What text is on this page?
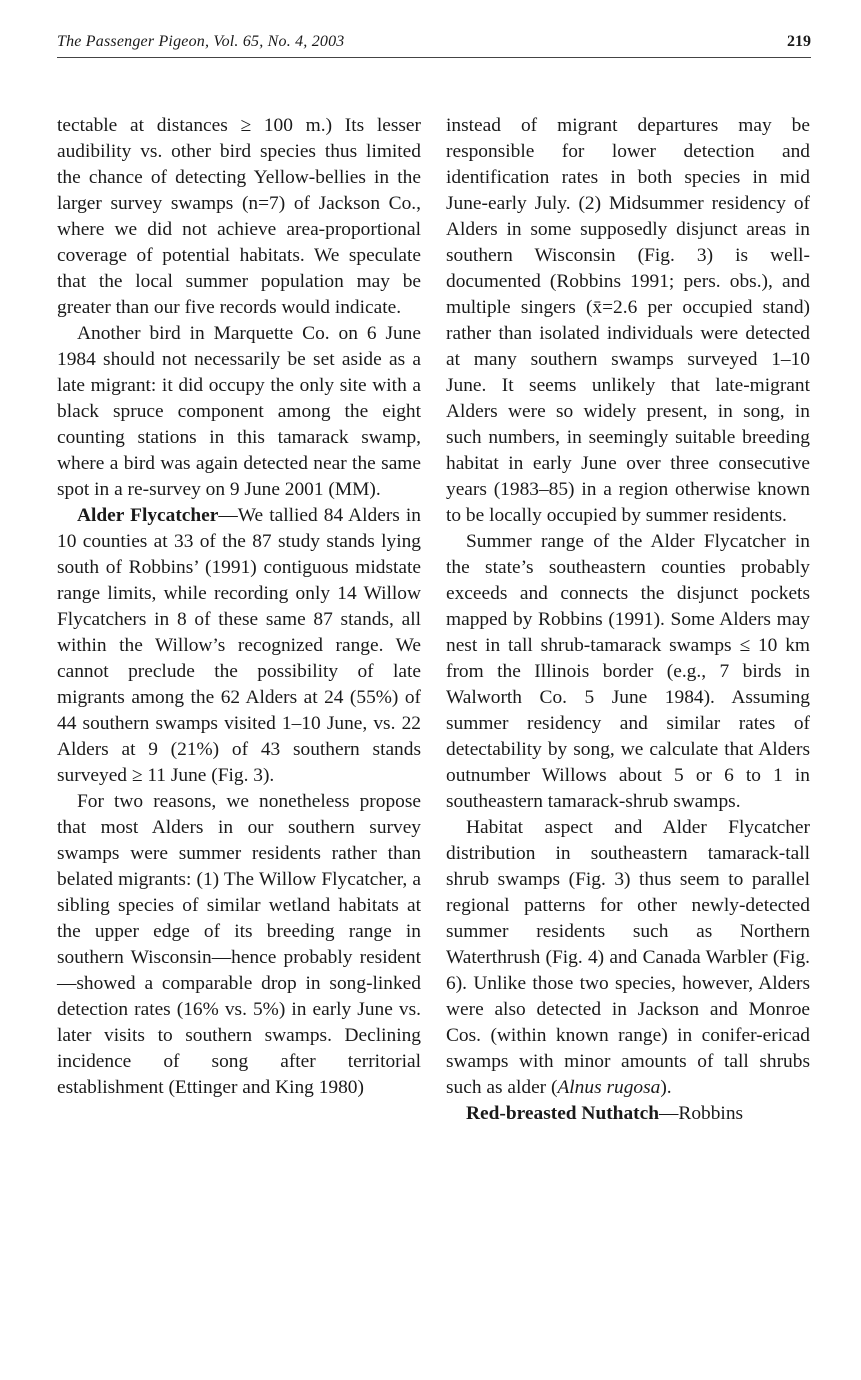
The Passenger Pigeon, Vol. 65, No. 4, 2003	219

tectable at distances ≥ 100 m.) Its lesser audibility vs. other bird species thus limited the chance of detecting Yellow-bellies in the larger survey swamps (n=7) of Jackson Co., where we did not achieve area-proportional coverage of potential habitats. We speculate that the local summer population may be greater than our five records would indicate.

Another bird in Marquette Co. on 6 June 1984 should not necessarily be set aside as a late migrant: it did occupy the only site with a black spruce component among the eight counting stations in this tamarack swamp, where a bird was again detected near the same spot in a re-survey on 9 June 2001 (MM).

Alder Flycatcher—We tallied 84 Alders in 10 counties at 33 of the 87 study stands lying south of Robbins’ (1991) contiguous midstate range limits, while recording only 14 Willow Flycatchers in 8 of these same 87 stands, all within the Willow’s recognized range. We cannot preclude the possibility of late migrants among the 62 Alders at 24 (55%) of 44 southern swamps visited 1–10 June, vs. 22 Alders at 9 (21%) of 43 southern stands surveyed ≥ 11 June (Fig. 3).

For two reasons, we nonetheless propose that most Alders in our southern survey swamps were summer residents rather than belated migrants: (1) The Willow Flycatcher, a sibling species of similar wetland habitats at the upper edge of its breeding range in southern Wisconsin—hence probably resident—showed a comparable drop in song-linked detection rates (16% vs. 5%) in early June vs. later visits to southern swamps. Declining incidence of song after territorial establishment (Ettinger and King 1980)

instead of migrant departures may be responsible for lower detection and identification rates in both species in mid June-early July. (2) Midsummer residency of Alders in some supposedly disjunct areas in southern Wisconsin (Fig. 3) is well-documented (Robbins 1991; pers. obs.), and multiple singers (x̄=2.6 per occupied stand) rather than isolated individuals were detected at many southern swamps surveyed 1–10 June. It seems unlikely that late-migrant Alders were so widely present, in song, in such numbers, in seemingly suitable breeding habitat in early June over three consecutive years (1983–85) in a region otherwise known to be locally occupied by summer residents.

Summer range of the Alder Flycatcher in the state’s southeastern counties probably exceeds and connects the disjunct pockets mapped by Robbins (1991). Some Alders may nest in tall shrub-tamarack swamps ≤ 10 km from the Illinois border (e.g., 7 birds in Walworth Co. 5 June 1984). Assuming summer residency and similar rates of detectability by song, we calculate that Alders outnumber Willows about 5 or 6 to 1 in southeastern tamarack-shrub swamps.

Habitat aspect and Alder Flycatcher distribution in southeastern tamarack-tall shrub swamps (Fig. 3) thus seem to parallel regional patterns for other newly-detected summer residents such as Northern Waterthrush (Fig. 4) and Canada Warbler (Fig. 6). Unlike those two species, however, Alders were also detected in Jackson and Monroe Cos. (within known range) in conifer-ericad swamps with minor amounts of tall shrubs such as alder (Alnus rugosa).

Red-breasted Nuthatch—Robbins
